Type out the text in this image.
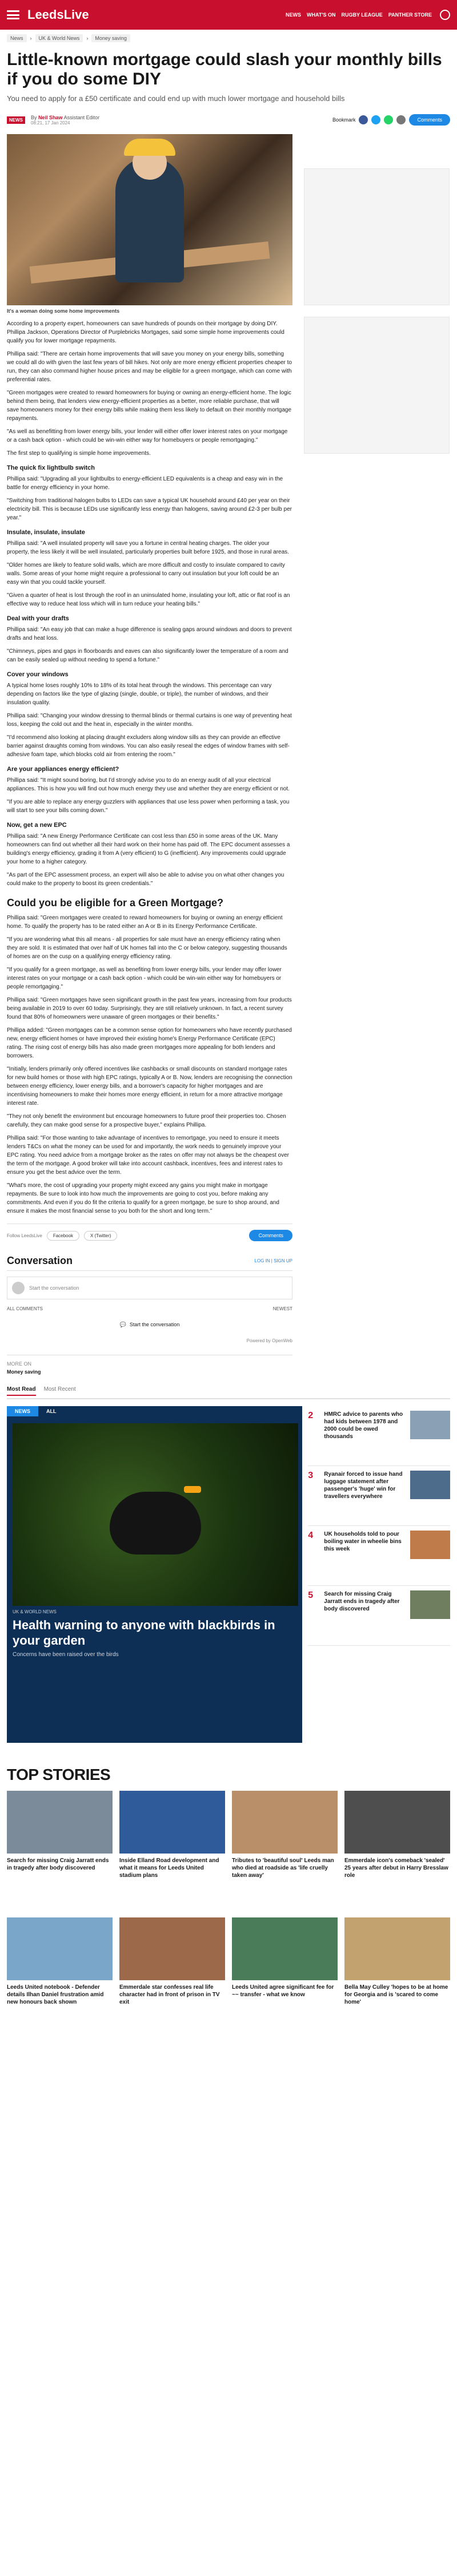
LeedsLive	NEWS WHAT'S ON RUGBY LEAGUE PANTHER STORE
News	›	UK & World News	›	Money saving
Little-known mortgage could slash your monthly bills if you do some DIY

You need to apply for a £50 certificate and could end up with much lower mortgage and household bills

NEWS	By Neil Shaw Assistant Editor
08:21, 17 Jan 2024	Bookmark	Comments
It's a woman doing some home improvements

According to a property expert, homeowners can save hundreds of pounds on their mortgage by doing DIY. Phillipa Jackson, Operations Director of Purplebricks Mortgages, said some simple home improvements could qualify you for lower mortgage repayments.

Phillipa said: "There are certain home improvements that will save you money on your energy bills, something we could all do with given the last few years of bill hikes. Not only are more energy efficient properties cheaper to run, they can also command higher house prices and may be eligible for a green mortgage, which can come with preferential rates.

"Green mortgages were created to reward homeowners for buying or owning an energy-efficient home. The logic behind them being, that lenders view energy-efficient properties as a better, more reliable purchase, that will save homeowners money for their energy bills while making them less likely to default on their monthly mortgage repayments.

"As well as benefitting from lower energy bills, your lender will either offer lower interest rates on your mortgage or a cash back option - which could be win-win either way for homebuyers or people remortgaging."

The first step to qualifying is simple home improvements.

The quick fix lightbulb switch

Phillipa said: "Upgrading all your lightbulbs to energy-efficient LED equivalents is a cheap and easy win in the battle for energy efficiency in your home.

"Switching from traditional halogen bulbs to LEDs can save a typical UK household around £40 per year on their electricity bill. This is because LEDs use significantly less energy than halogens, saving around £2-3 per bulb per year."

Insulate, insulate, insulate

Phillipa said: "A well insulated property will save you a fortune in central heating charges. The older your property, the less likely it will be well insulated, particularly properties built before 1925, and those in rural areas.

"Older homes are likely to feature solid walls, which are more difficult and costly to insulate compared to cavity walls. Some areas of your home might require a professional to carry out insulation but your loft could be an easy win that you could tackle yourself.

"Given a quarter of heat is lost through the roof in an uninsulated home, insulating your loft, attic or flat roof is an effective way to reduce heat loss which will in turn reduce your heating bills."

Deal with your drafts

Phillipa said: "An easy job that can make a huge difference is sealing gaps around windows and doors to prevent drafts and heat loss.

"Chimneys, pipes and gaps in floorboards and eaves can also significantly lower the temperature of a room and can be easily sealed up without needing to spend a fortune."

Cover your windows

A typical home loses roughly 10% to 18% of its total heat through the windows. This percentage can vary depending on factors like the type of glazing (single, double, or triple), the number of windows, and their insulation quality.

Phillipa said: "Changing your window dressing to thermal blinds or thermal curtains is one way of preventing heat loss, keeping the cold out and the heat in, especially in the winter months.

"I'd recommend also looking at placing draught excluders along window sills as they can provide an effective barrier against draughts coming from windows. You can also easily reseal the edges of window frames with self-adhesive foam tape, which blocks cold air from entering the room."

Are your appliances energy efficient?

Phillipa said: "It might sound boring, but I'd strongly advise you to do an energy audit of all your electrical appliances. This is how you will find out how much energy they use and whether they are energy efficient or not.

"If you are able to replace any energy guzzlers with appliances that use less power when performing a task, you will start to see your bills coming down."

Now, get a new EPC

Phillipa said: "A new Energy Performance Certificate can cost less than £50 in some areas of the UK. Many homeowners can find out whether all their hard work on their home has paid off. The EPC document assesses a building's energy efficiency, grading it from A (very efficient) to G (inefficient). Any improvements could upgrade your home to a higher category.

"As part of the EPC assessment process, an expert will also be able to advise you on what other changes you could make to the property to boost its green credentials."

Could you be eligible for a Green Mortgage?

Phillipa said: "Green mortgages were created to reward homeowners for buying or owning an energy efficient home. To qualify the property has to be rated either an A or B in its Energy Performance Certificate.

"If you are wondering what this all means - all properties for sale must have an energy efficiency rating when they are sold. It is estimated that over half of UK homes fall into the C or below category, suggesting thousands of homes are on the cusp on a qualifying energy efficiency rating.

"If you qualify for a green mortgage, as well as benefiting from lower energy bills, your lender may offer lower interest rates on your mortgage or a cash back option - which could be win-win either way for homebuyers or people remortgaging."

Phillipa said: "Green mortgages have seen significant growth in the past few years, increasing from four products being available in 2019 to over 60 today. Surprisingly, they are still relatively unknown. In fact, a recent survey found that 80% of homeowners were unaware of green mortgages or their benefits."

Phillipa added: "Green mortgages can be a common sense option for homeowners who have recently purchased new, energy efficient homes or have improved their existing home's Energy Performance Certificate (EPC) rating. The rising cost of energy bills has also made green mortgages more appealing for both lenders and borrowers.

"Initially, lenders primarily only offered incentives like cashbacks or small discounts on standard mortgage rates for new build homes or those with high EPC ratings, typically A or B. Now, lenders are recognising the connection between energy efficiency, lower energy bills, and a borrower's capacity for higher mortgages and are incentivising homeowners to make their homes more energy efficient, in return for a more attractive mortgage interest rate.

"They not only benefit the environment but encourage homeowners to future proof their properties too. Chosen carefully, they can make good sense for a prospective buyer," explains Phillipa.

Phillipa said: "For those wanting to take advantage of incentives to remortgage, you need to ensure it meets lenders T&Cs on what the money can be used for and importantly, the work needs to genuinely improve your EPC rating. You need advice from a mortgage broker as the rates on offer may not always be the cheapest over the term of the mortgage. A good broker will take into account cashback, incentives, fees and interest rates to ensure you get the best advice over the term.

"What's more, the cost of upgrading your property might exceed any gains you might make in mortgage repayments. Be sure to look into how much the improvements are going to cost you, before making any commitments. And even if you do fit the criteria to qualify for a green mortgage, be sure to shop around, and ensure it makes the most financial sense to you both for the short and long term."

Follow LeedsLive	Facebook	X (Twitter)	Comments
Conversation	LOG IN | SIGN UP
Start the conversation
ALL COMMENTS	NEWEST
💬 Start the conversation
Powered by OpenWeb
MORE ON
Money saving
Most Read Most Recent
NEWS	ALL
UK & WORLD NEWS
Health warning to anyone with blackbirds in your garden
Concerns have been raised over the birds
2	HMRC advice to parents who had kids between 1978 and 2000 could be owed thousands
3	Ryanair forced to issue hand luggage statement after passenger's 'huge' win for travellers everywhere
4	UK households told to pour boiling water in wheelie bins this week
5	Search for missing Craig Jarratt ends in tragedy after body discovered
TOP STORIES
Search for missing Craig Jarratt ends in tragedy after body discovered
Inside Elland Road development and what it means for Leeds United stadium plans
Tributes to 'beautiful soul' Leeds man who died at roadside as 'life cruelly taken away'
Emmerdale icon's comeback 'sealed' 25 years after debut in Harry Bresslaw role
Leeds United notebook - Defender details Ilhan Daniel frustration amid new honours back shown
Emmerdale star confesses real life character had in front of prison in TV exit
Leeds United agree significant fee for ~~ transfer - what we know
Bella May Culley 'hopes to be at home for Georgia and is 'scared to come home'
